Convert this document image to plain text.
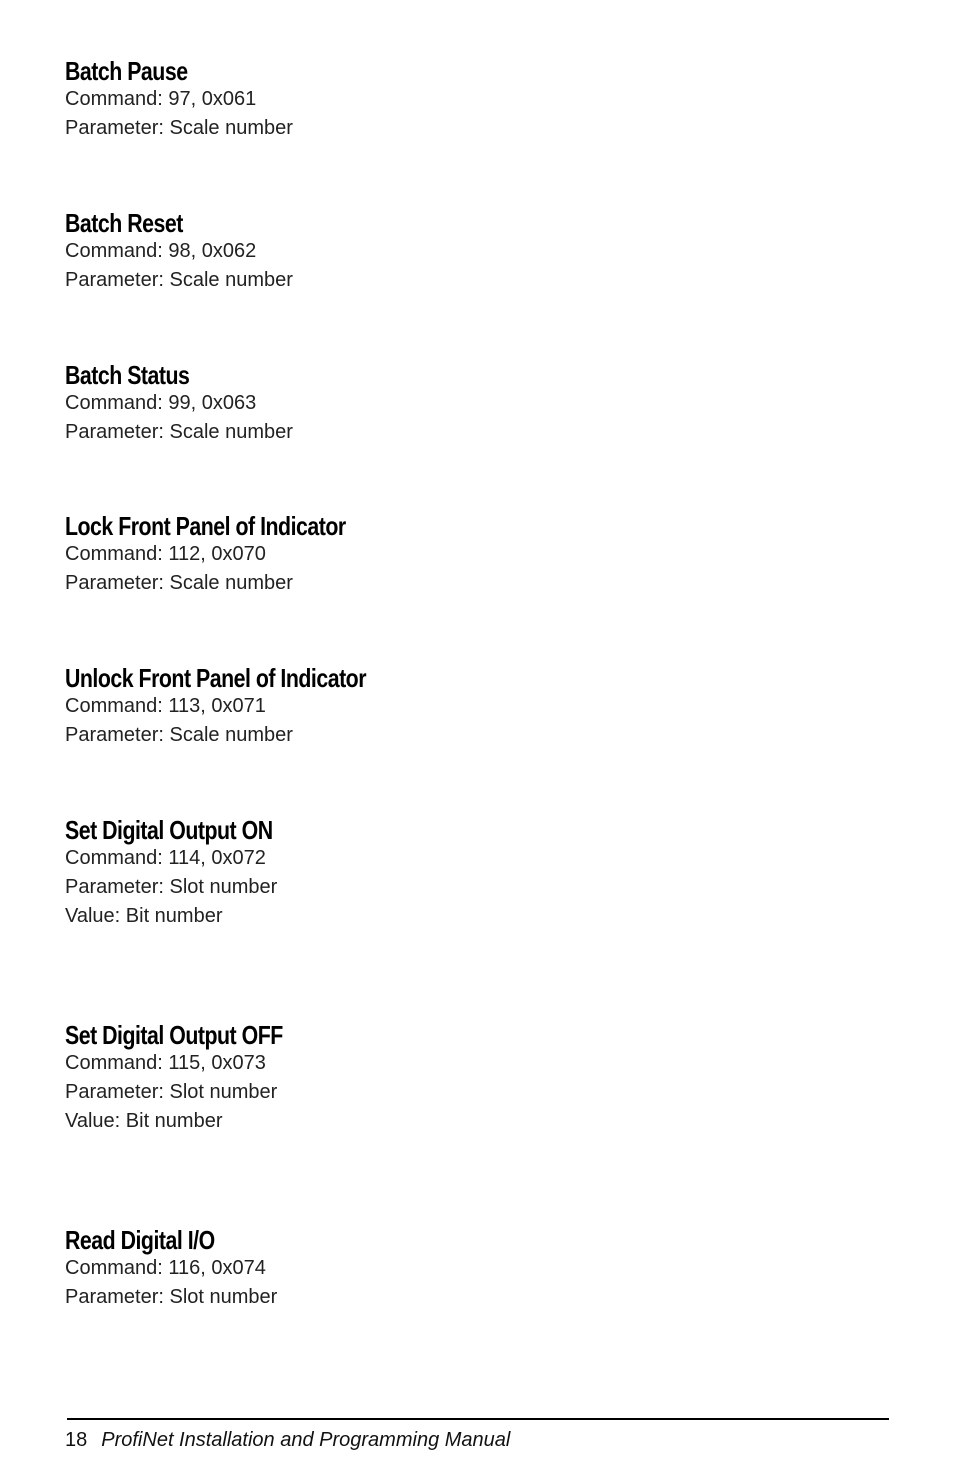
Batch Pause
Command: 97, 0x061
Parameter: Scale number
Batch Reset
Command: 98, 0x062
Parameter: Scale number
Batch Status
Command: 99, 0x063
Parameter: Scale number
Lock Front Panel of Indicator
Command: 112, 0x070
Parameter: Scale number
Unlock Front Panel of Indicator
Command: 113, 0x071
Parameter: Scale number
Set Digital Output ON
Command: 114, 0x072
Parameter: Slot number
Value: Bit number
Set Digital Output OFF
Command: 115, 0x073
Parameter: Slot number
Value: Bit number
Read Digital I/O
Command: 116, 0x074
Parameter: Slot number
18 ProfiNet Installation and Programming Manual
